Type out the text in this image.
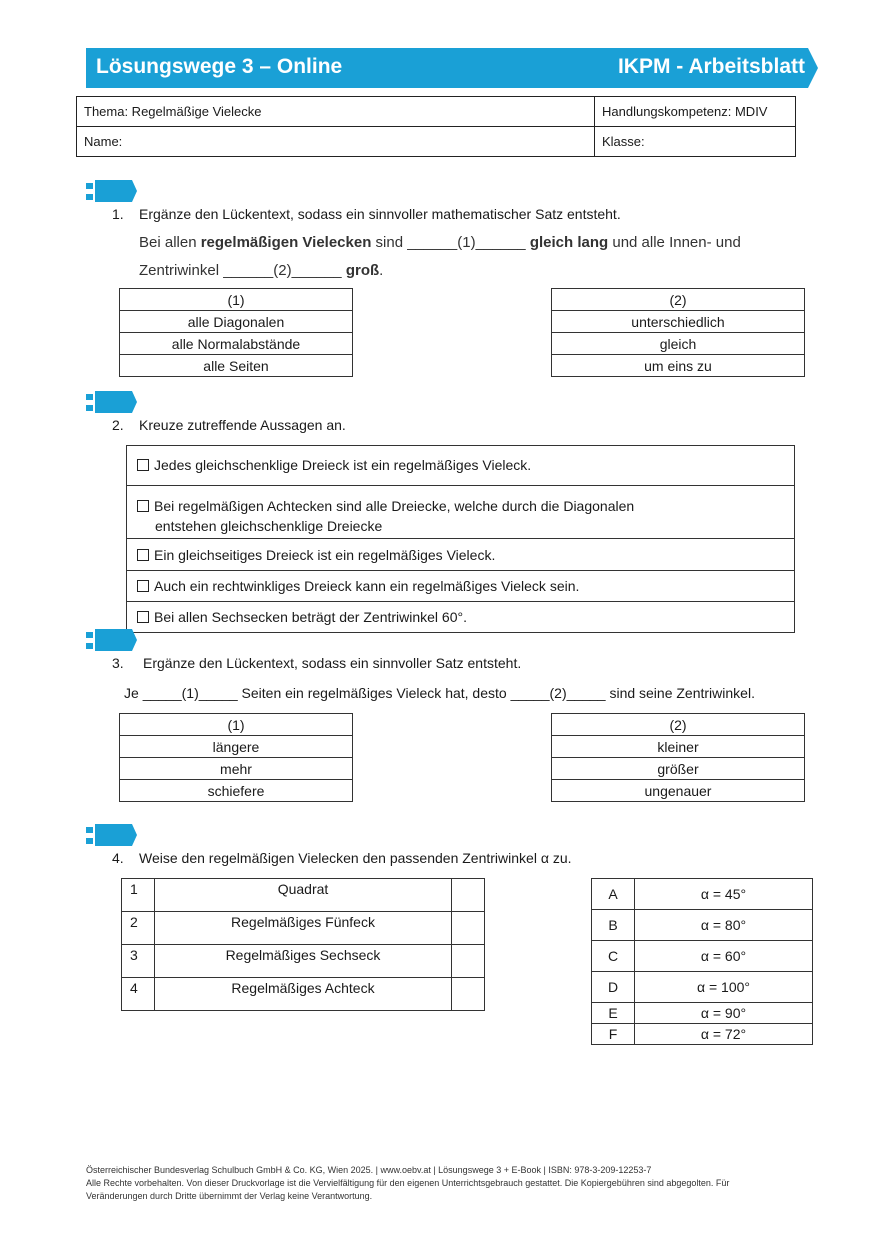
Lösungswege 3 – Online	IKPM - Arbeitsblatt
Thema: Regelmäßige Vielecke	Handlungskompetenz: MDIV
Name:	Klasse:
1. Ergänze den Lückentext, sodass ein sinnvoller mathematischer Satz entsteht.
Bei allen regelmäßigen Vielecken sind ______(1)______ gleich lang und alle Innen- und
Zentriwinkel ______(2)______ groß.
(1)
alle Diagonalen
alle Normalabstände
alle Seiten
(2)
unterschiedlich
gleich
um eins zu
2. Kreuze zutreffende Aussagen an.
Jedes gleichschenklige Dreieck ist ein regelmäßiges Vieleck.
Bei regelmäßigen Achtecken sind alle Dreiecke, welche durch die Diagonalen
entstehen gleichschenklige Dreiecke
Ein gleichseitiges Dreieck ist ein regelmäßiges Vieleck.
Auch ein rechtwinkliges Dreieck kann ein regelmäßiges Vieleck sein.
Bei allen Sechsecken beträgt der Zentriwinkel 60°.
3. Ergänze den Lückentext, sodass ein sinnvoller Satz entsteht.
Je _____(1)_____ Seiten ein regelmäßiges Vieleck hat, desto _____(2)_____ sind seine Zentriwinkel.
(1)
längere
mehr
schiefere
(2)
kleiner
größer
ungenauer
4. Weise den regelmäßigen Vielecken den passenden Zentriwinkel α zu.
1	Quadrat	
2	Regelmäßiges Fünfeck	
3	Regelmäßiges Sechseck	
4	Regelmäßiges Achteck	
A	α = 45°
B	α = 80°
C	α = 60°
D	α = 100°
E	α = 90°
F	α = 72°
Österreichischer Bundesverlag Schulbuch GmbH & Co. KG, Wien 2025. | www.oebv.at | Lösungswege 3 + E-Book | ISBN: 978-3-209-12253-7
Alle Rechte vorbehalten. Von dieser Druckvorlage ist die Vervielfältigung für den eigenen Unterrichtsgebrauch gestattet. Die Kopiergebühren sind abgegolten. Für
Veränderungen durch Dritte übernimmt der Verlag keine Verantwortung.
